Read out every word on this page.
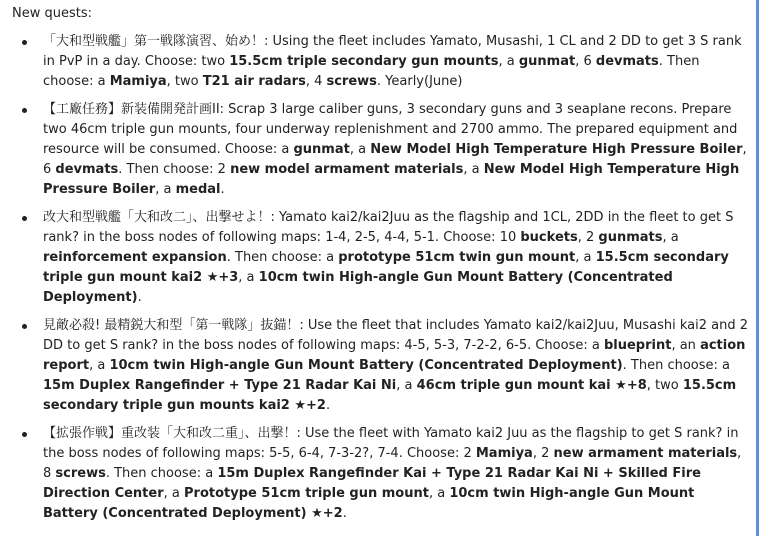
New quests:
「大和型戦艦」第一戦隊演習、始め！: Using the fleet includes Yamato, Musashi, 1 CL and 2 DD to get 3 S rank in PvP in a day. Choose: two 15.5cm triple secondary gun mounts, a gunmat, 6 devmats. Then choose: a Mamiya, two T21 air radars, 4 screws. Yearly(June)
【工廠任務】新装備開発計画II: Scrap 3 large caliber guns, 3 secondary guns and 3 seaplane recons. Prepare two 46cm triple gun mounts, four underway replenishment and 2700 ammo. The prepared equipment and resource will be consumed. Choose: a gunmat, a New Model High Temperature High Pressure Boiler, 6 devmats. Then choose: 2 new model armament materials, a New Model High Temperature High Pressure Boiler, a medal.
改大和型戦艦「大和改二」、出撃せよ！: Yamato kai2/kai2Juu as the flagship and 1CL, 2DD in the fleet to get S rank? in the boss nodes of following maps: 1-4, 2-5, 4-4, 5-1. Choose: 10 buckets, 2 gunmats, a reinforcement expansion. Then choose: a prototype 51cm twin gun mount, a 15.5cm secondary triple gun mount kai2 ★+3, a 10cm twin High-angle Gun Mount Battery (Concentrated Deployment).
見敵必殺! 最精鋭大和型「第一戦隊」抜錨！: Use the fleet that includes Yamato kai2/kai2Juu, Musashi kai2 and 2 DD to get S rank? in the boss nodes of following maps: 4-5, 5-3, 7-2-2, 6-5. Choose: a blueprint, an action report, a 10cm twin High-angle Gun Mount Battery (Concentrated Deployment). Then choose: a 15m Duplex Rangefinder + Type 21 Radar Kai Ni, a 46cm triple gun mount kai ★+8, two 15.5cm secondary triple gun mounts kai2 ★+2.
【拡張作戦】重改装「大和改二重」、出撃！: Use the fleet with Yamato kai2 Juu as the flagship to get S rank? in the boss nodes of following maps: 5-5, 6-4, 7-3-2?, 7-4. Choose: 2 Mamiya, 2 new armament materials, 8 screws. Then choose: a 15m Duplex Rangefinder Kai + Type 21 Radar Kai Ni + Skilled Fire Direction Center, a Prototype 51cm triple gun mount, a 10cm twin High-angle Gun Mount Battery (Concentrated Deployment) ★+2.
